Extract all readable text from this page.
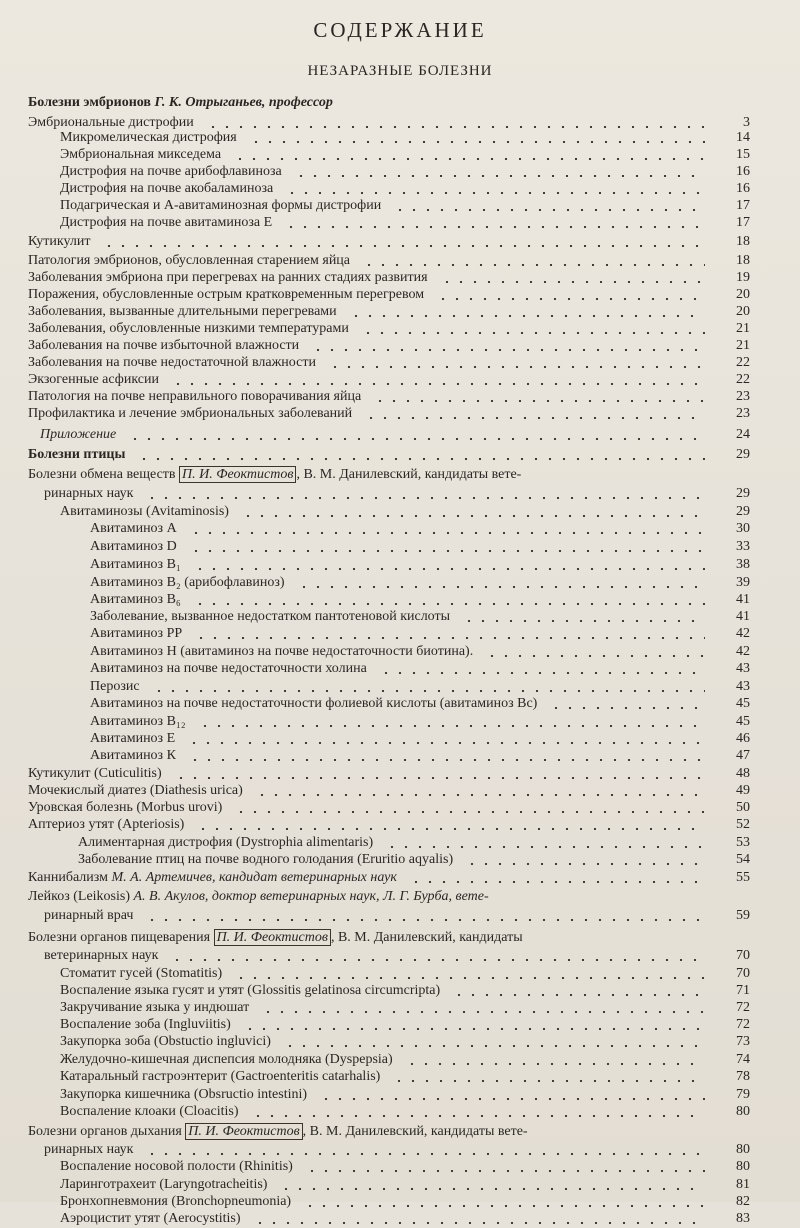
СОДЕРЖАНИЕ
НЕЗАРАЗНЫЕ БОЛЕЗНИ
Болезни эмбрионов Г. К. Отрыганьев, профессор
Эмбриональные дистрофии	3
Микромелическая дистрофия	14
Эмбриональная микседема	15
Дистрофия на почве арибофлавиноза	16
Дистрофия на почве акобаламиноза	16
Подагрическая и А-авитаминозная формы дистрофии	17
Дистрофия на почве авитаминоза Е	17
Кутикулит	18
Патология эмбрионов, обусловленная старением яйца	18
Заболевания эмбриона при перегревах на ранних стадиях развития	19
Поражения, обусловленные острым кратковременным перегревом	20
Заболевания, вызванные длительными перегревами	20
Заболевания, обусловленные низкими температурами	21
Заболевания на почве избыточной влажности	21
Заболевания на почве недостаточной влажности	22
Экзогенные асфиксии	22
Патология на почве неправильного поворачивания яйца	23
Профилактика и лечение эмбриональных заболеваний	23
Приложение	24
Болезни птицы	29
Болезни обмена веществ П. И. Феоктистов , В. М. Данилевский, кандидаты вете-
ринарных наук	29
Авитаминозы (Avitaminosis)	29
Авитаминоз А	30
Авитаминоз D	33
Авитаминоз B₁	38
Авитаминоз B₂ (арибофлавиноз)	39
Авитаминоз B₆	41
Заболевание, вызванное недостатком пантотеновой кислоты	41
Авитаминоз PP	42
Авитаминоз Н (авитаминоз на почве недостаточности биотина).	42
Авитаминоз на почве недостаточности холина	43
Перозис	43
Авитаминоз на почве недостаточности фолиевой кислоты (авитаминоз Bc)	45
Авитаминоз B₁₂	45
Авитаминоз Е	46
Авитаминоз К	47
Кутикулит (Cuticulitis)	48
Мочекислый диатез (Diathesis urica)	49
Уровская болезнь (Morbus urovi)	50
Аптериоз утят (Apteriosis)	52
Алиментарная дистрофия (Dystrophia alimentaris)	53
Заболевание птиц на почве водного голодания (Eruritio aqyalis)	54
Каннибализм М. А. Артемичев, кандидат ветеринарных наук	55
Лейкоз (Leikosis) А. В. Акулов, доктор ветеринарных наук, Л. Г. Бурба, вете-
ринарный врач	59
Болезни органов пищеварения П. И. Феоктистов , В. М. Данилевский, кандидаты
ветеринарных наук	70
Стоматит гусей (Stomatitis)	70
Воспаление языка гусят и утят (Glossitis gelatinosa circumcripta)	71
Закручивание языка у индюшат	72
Воспаление зоба (Ingluviitis)	72
Закупорка зоба (Obstuctio ingluvici)	73
Желудочно-кишечная диспепсия молодняка (Dyspepsia)	74
Катаральный гастроэнтерит (Gactroenteritis catarhalis)	78
Закупорка кишечника (Obsructio intestini)	79
Воспаление клоаки (Cloacitis)	80
Болезни органов дыхания П. И. Феоктистов , В. М. Данилевский, кандидаты вете-
ринарных наук	80
Воспаление носовой полости (Rhinitis)	80
Ларинготрахеит (Laryngotracheitis)	81
Бронхопневмония (Bronchopneumonia)	82
Аэроцистит утят (Aerocystitis)	83
